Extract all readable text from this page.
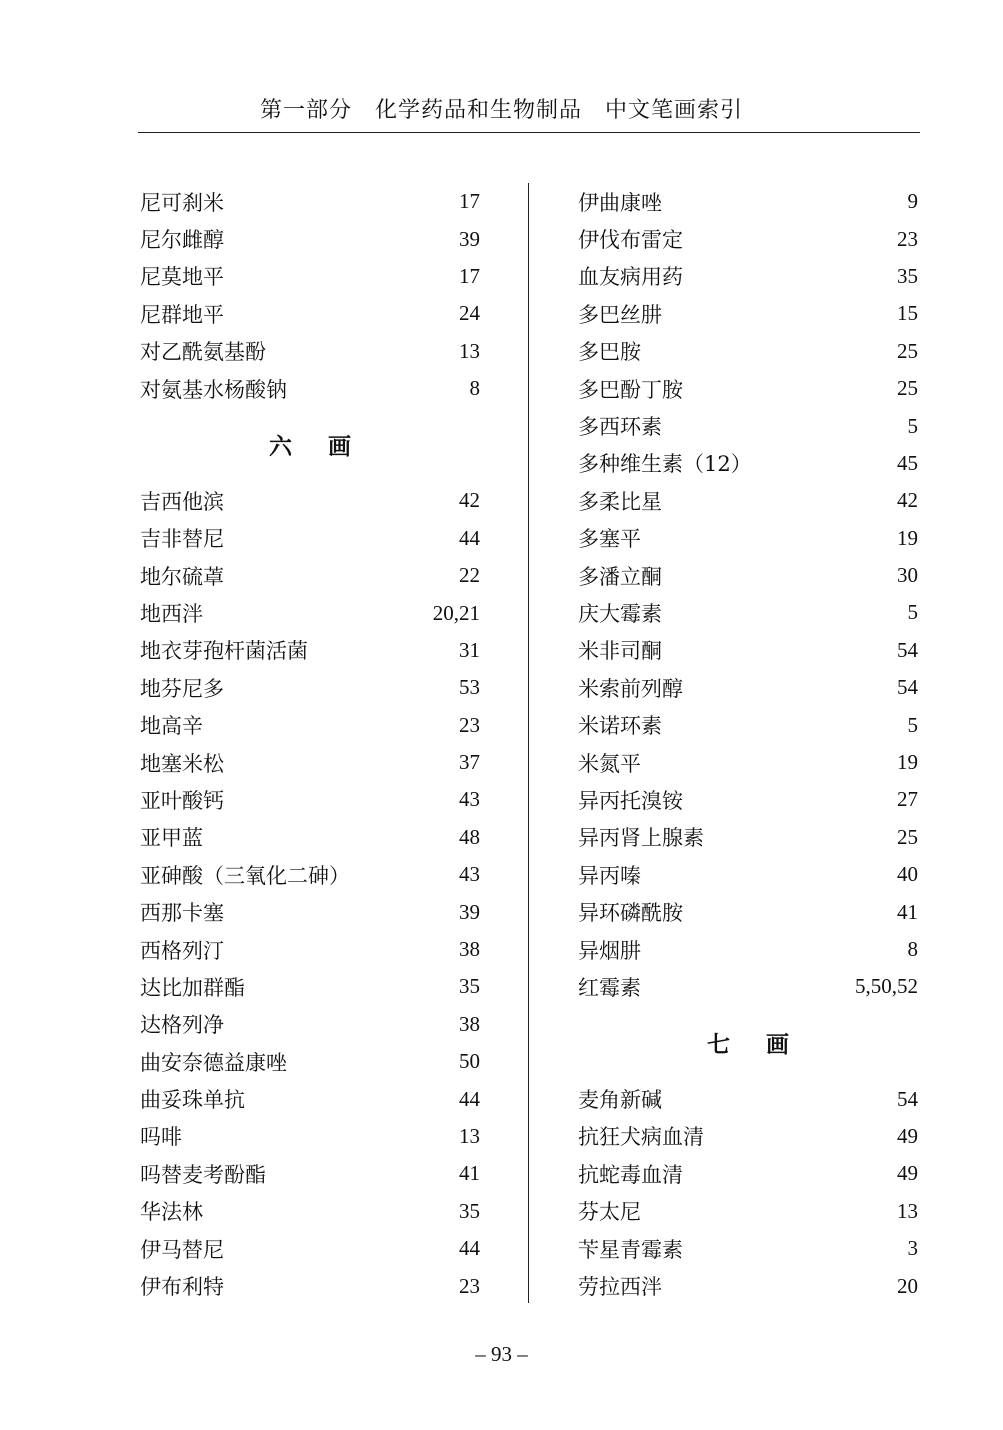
第一部分　化学药品和生物制品　中文笔画索引
尼可刹米	17
尼尔雌醇	39
尼莫地平	17
尼群地平	24
对乙酰氨基酚	13
对氨基水杨酸钠	8
六画
吉西他滨	42
吉非替尼	44
地尔硫䓬	22
地西泮	20,21
地衣芽孢杆菌活菌	31
地芬尼多	53
地高辛	23
地塞米松	37
亚叶酸钙	43
亚甲蓝	48
亚砷酸（三氧化二砷）	43
西那卡塞	39
西格列汀	38
达比加群酯	35
达格列净	38
曲安奈德益康唑	50
曲妥珠单抗	44
吗啡	13
吗替麦考酚酯	41
华法林	35
伊马替尼	44
伊布利特	23
伊曲康唑	9
伊伐布雷定	23
血友病用药	35
多巴丝肼	15
多巴胺	25
多巴酚丁胺	25
多西环素	5
多种维生素（12）	45
多柔比星	42
多塞平	19
多潘立酮	30
庆大霉素	5
米非司酮	54
米索前列醇	54
米诺环素	5
米氮平	19
异丙托溴铵	27
异丙肾上腺素	25
异丙嗪	40
异环磷酰胺	41
异烟肼	8
红霉素	5,50,52
七画
麦角新碱	54
抗狂犬病血清	49
抗蛇毒血清	49
芬太尼	13
苄星青霉素	3
劳拉西泮	20
– 93 –
